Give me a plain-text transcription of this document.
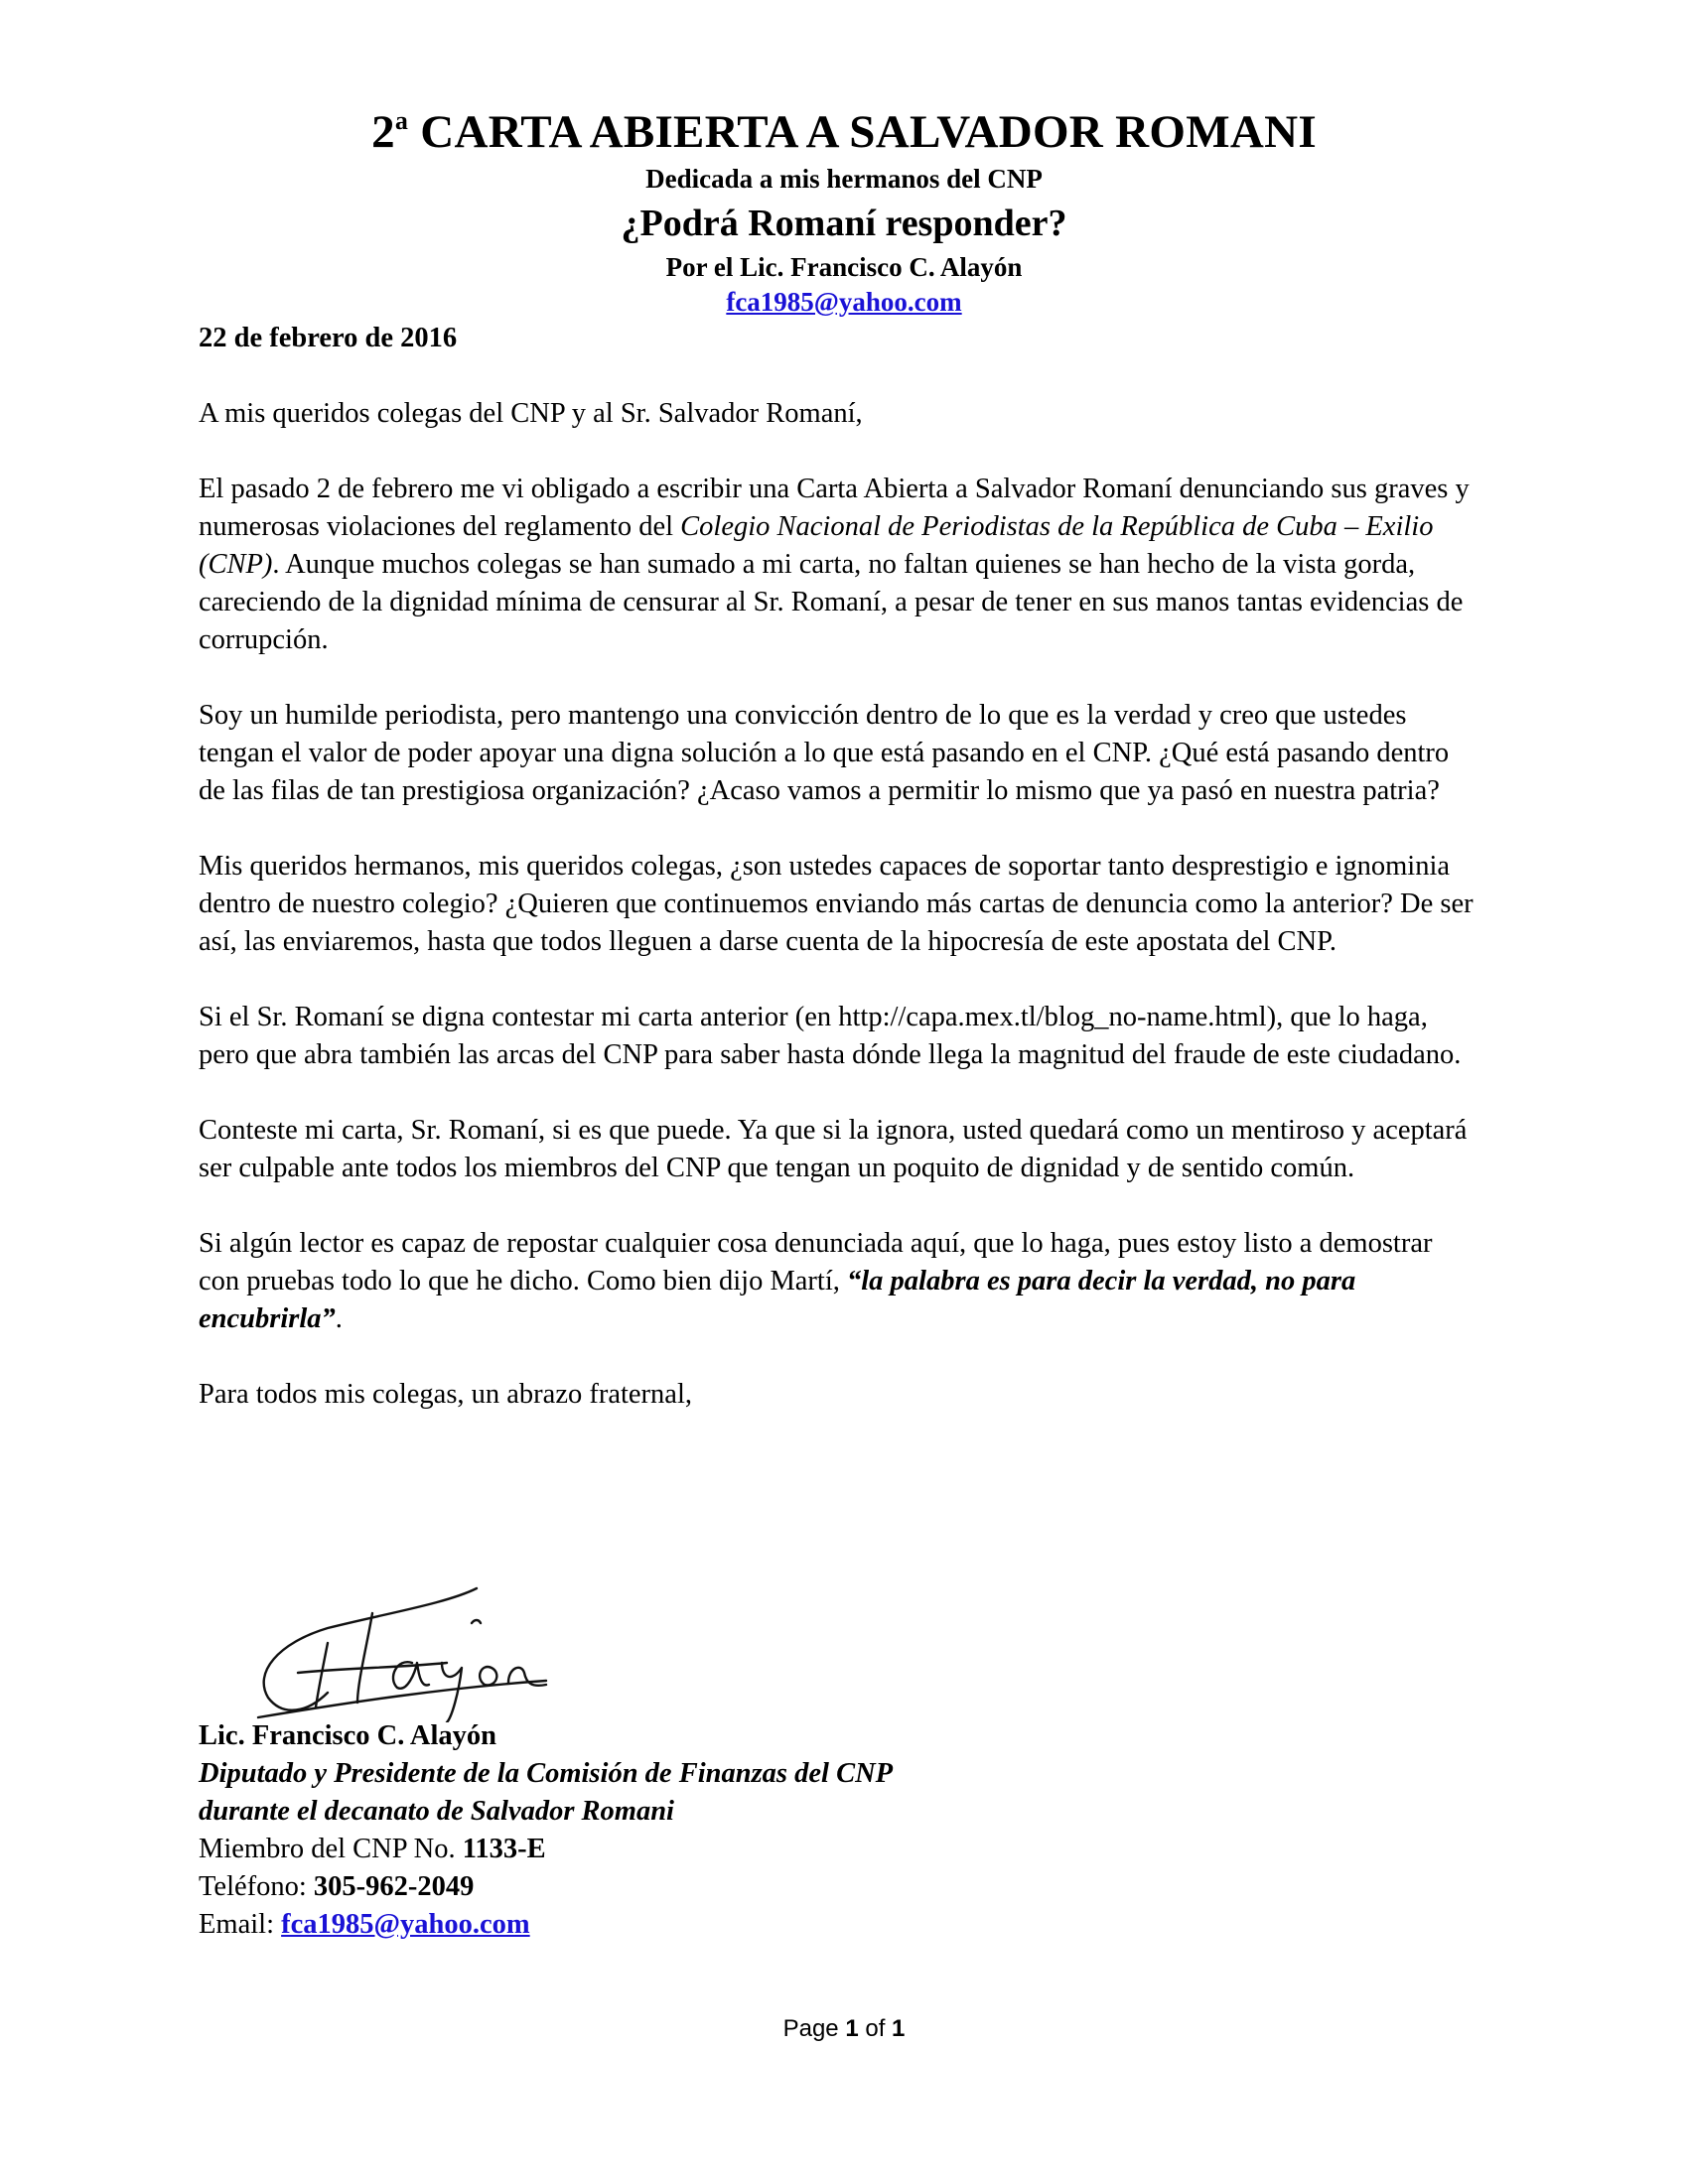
2$^a$ CARTA ABIERTA A SALVADOR ROMANI
Dedicada a mis hermanos del CNP
¿Podrá Romaní responder?
Por el Lic. Francisco C. Alayón
fca1985@yahoo.com

22 de febrero de 2016

A mis queridos colegas del CNP y al Sr. Salvador Romaní,

El pasado 2 de febrero me vi obligado a escribir una Carta Abierta a Salvador Romaní denunciando sus graves y numerosas violaciones del reglamento del Colegio Nacional de Periodistas de la República de Cuba – Exilio (CNP). Aunque muchos colegas se han sumado a mi carta, no faltan quienes se han hecho de la vista gorda, careciendo de la dignidad mínima de censurar al Sr. Romaní, a pesar de tener en sus manos tantas evidencias de corrupción.

Soy un humilde periodista, pero mantengo una convicción dentro de lo que es la verdad y creo que ustedes tengan el valor de poder apoyar una digna solución a lo que está pasando en el CNP. ¿Qué está pasando dentro de las filas de tan prestigiosa organización? ¿Acaso vamos a permitir lo mismo que ya pasó en nuestra patria?

Mis queridos hermanos, mis queridos colegas, ¿son ustedes capaces de soportar tanto desprestigio e ignominia dentro de nuestro colegio? ¿Quieren que continuemos enviando más cartas de denuncia como la anterior? De ser así, las enviaremos, hasta que todos lleguen a darse cuenta de la hipocresía de este apostata del CNP.

Si el Sr. Romaní se digna contestar mi carta anterior (en http://capa.mex.tl/blog_no-name.html), que lo haga, pero que abra también las arcas del CNP para saber hasta dónde llega la magnitud del fraude de este ciudadano.

Conteste mi carta, Sr. Romaní, si es que puede. Ya que si la ignora, usted quedará como un mentiroso y aceptará ser culpable ante todos los miembros del CNP que tengan un poquito de dignidad y de sentido común.

Si algún lector es capaz de repostar cualquier cosa denunciada aquí, que lo haga, pues estoy listo a demostrar con pruebas todo lo que he dicho. Como bien dijo Martí, “la palabra es para decir la verdad, no para encubrirla”.

Para todos mis colegas, un abrazo fraternal,

Lic. Francisco C. Alayón
Diputado y Presidente de la Comisión de Finanzas del CNP
durante el decanato de Salvador Romani
Miembro del CNP No. 1133-E
Teléfono: 305-962-2049
Email: fca1985@yahoo.com
Page 1 of 1
